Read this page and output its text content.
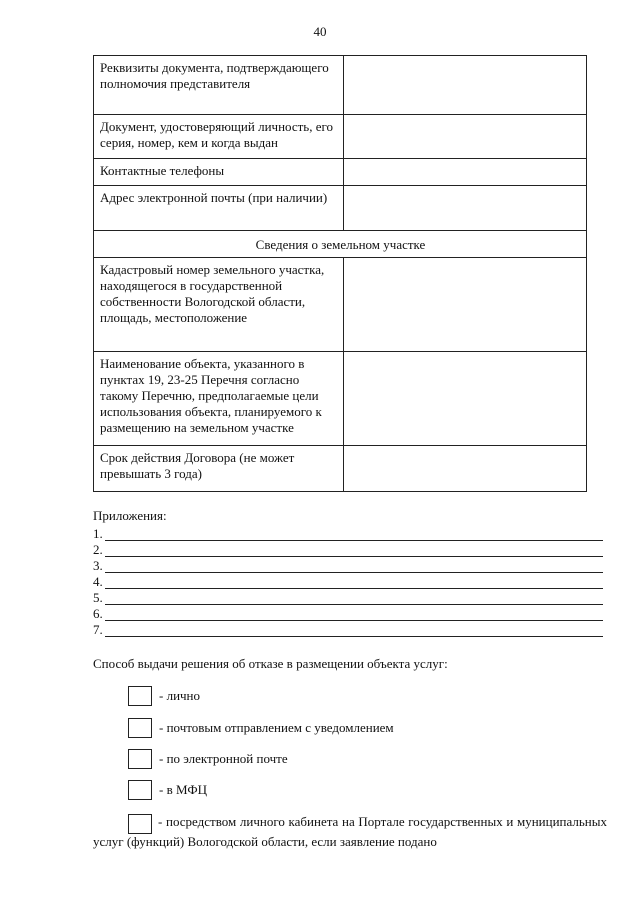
40
Реквизиты документа, подтверждающего полномочия представителя	
Документ, удостоверяющий личность, его серия, номер, кем и когда выдан	
Контактные телефоны	
Адрес электронной почты (при наличии)	
Сведения о земельном участке	
Кадастровый номер земельного участка, находящегося в государственной собственности Вологодской области, площадь, местоположение	
Наименование объекта, указанного в пунктах 19, 23-25 Перечня согласно такому Перечню, предполагаемые цели использования объекта, планируемого к размещению на земельном участке	
Срок действия Договора (не может превышать 3 года)	
Приложения:
1.
2.
3.
4.
5.
6.
7.
Способ выдачи решения об отказе в размещении объекта услуг:
- лично
- почтовым отправлением с уведомлением
- по электронной почте
- в МФЦ
- посредством личного кабинета на Портале государственных и муниципальных услуг (функций) Вологодской области, если заявление подано
